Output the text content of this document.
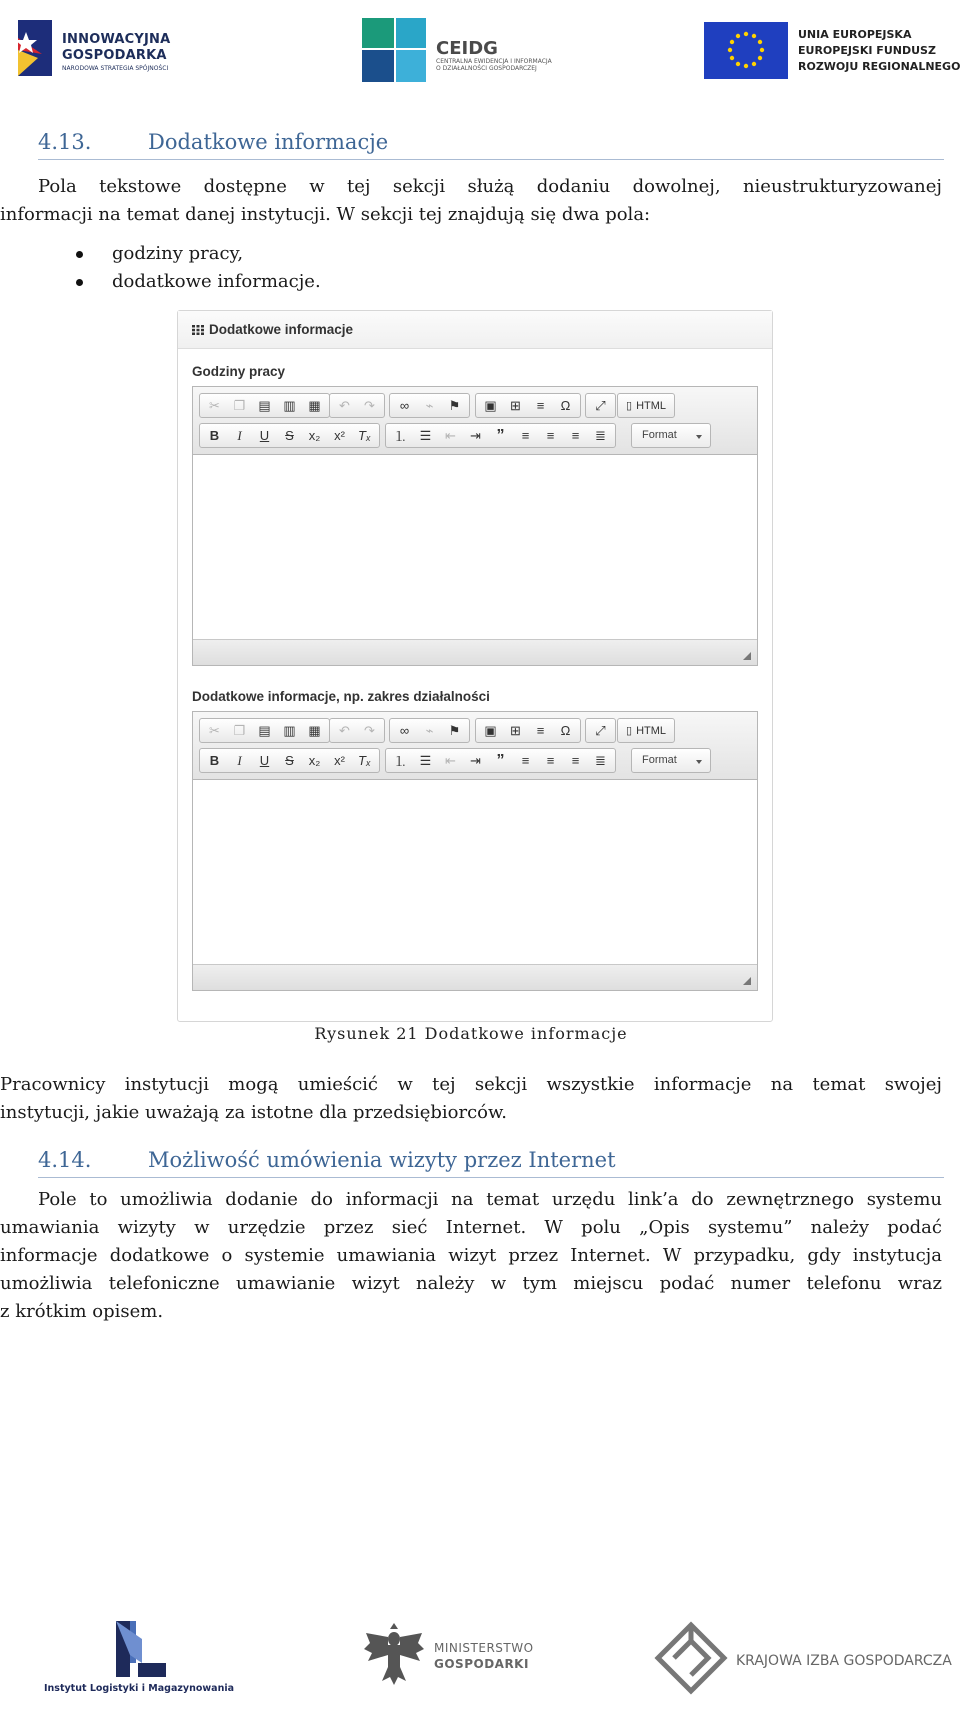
INNOWACYJNA
GOSPODARKA
NARODOWA STRATEGIA SPÓJNOŚCI
CEIDG
CENTRALNA EWIDENCJA I INFORMACJA O DZIAŁALNOŚCI GOSPODARCZEJ
UNIA EUROPEJSKA
EUROPEJSKI FUNDUSZ
ROZWOJU REGIONALNEGO
4.13.	Dodatkowe informacje
Pola tekstowe dostępne w tej sekcji służą dodaniu dowolnej, nieustrukturyzowanej
informacji na temat danej instytucji. W sekcji tej znajdują się dwa pola:
godziny pracy,
dodatkowe informacje.
Dodatkowe informacje
Godziny pracy
✂	❐	▤ ▥ ▦	↶	↷	∞	⌁	⚑	▣	⊞	≡	Ω	⤢	▯ HTML
B	I	U	S	x₂	x²	Tₓ	⒈ ☰	⇤	⇥ ”	≡	≡	≡	≣	Format
Dodatkowe informacje, np. zakres działalności
✂	❐	▤ ▥ ▦	↶	↷	∞	⌁	⚑	▣	⊞	≡	Ω	⤢	▯ HTML
B	I	U	S	x₂	x²	Tₓ	⒈ ☰	⇤	⇥ ”	≡	≡	≡	≣	Format
Rysunek 21 Dodatkowe informacje
Pracownicy instytucji mogą umieścić w tej sekcji wszystkie informacje na temat swojej
instytucji, jakie uważają za istotne dla przedsiębiorców.
4.14.	Możliwość umówienia wizyty przez Internet
Pole to umożliwia dodanie do informacji na temat urzędu link’a do zewnętrznego systemu
umawiania wizyty w urzędzie przez sieć Internet. W polu „Opis systemu” należy podać
informacje dodatkowe o systemie umawiania wizyt przez Internet. W przypadku, gdy instytucja
umożliwia telefoniczne umawianie wizyt należy w tym miejscu podać numer telefonu wraz
z krótkim opisem.
Instytut Logistyki i Magazynowania
MINISTERSTWO
GOSPODARKI	KRAJOWA IZBA GOSPODARCZA
